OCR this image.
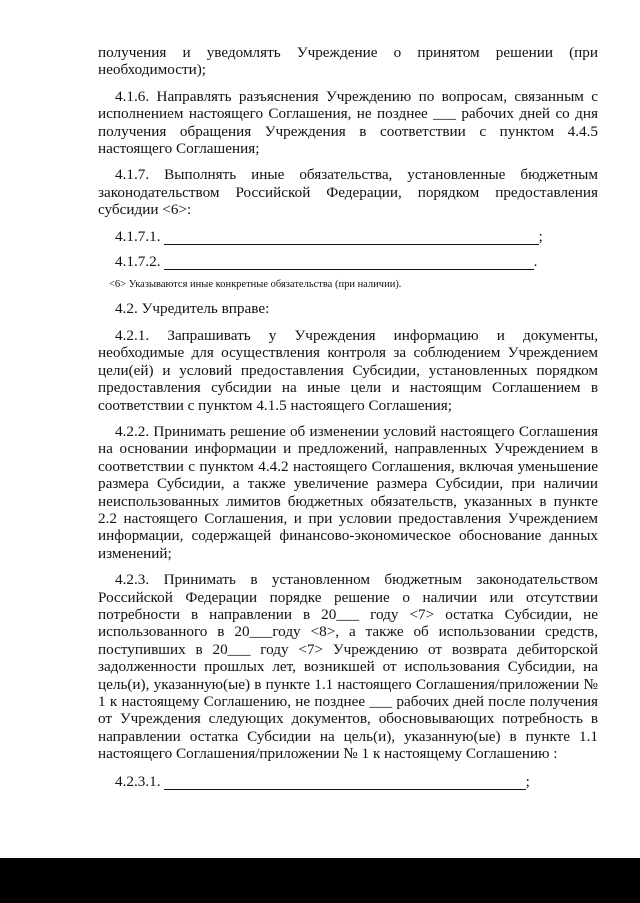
получения и уведомлять Учреждение о принятом решении (при необходимости);

4.1.6. Направлять разъяснения Учреждению по вопросам, связанным с исполнением настоящего Соглашения, не позднее ___ рабочих дней со дня получения обращения Учреждения в соответствии с пунктом 4.4.5 настоящего Соглашения;

4.1.7. Выполнять иные обязательства, установленные бюджетным законодательством Российской Федерации, порядком предоставления субсидии <6>:

4.1.7.1.	;
4.1.7.2.	.

<6> Указываются иные конкретные обязательства (при наличии).

4.2. Учредитель вправе:

4.2.1. Запрашивать у Учреждения информацию и документы, необходимые для осуществления контроля за соблюдением Учреждением цели(ей) и условий предоставления Субсидии, установленных порядком предоставления субсидии на иные цели и настоящим Соглашением в соответствии с пунктом 4.1.5 настоящего Соглашения;

4.2.2. Принимать решение об изменении условий настоящего Соглашения на основании информации и предложений, направленных Учреждением в соответствии с пунктом 4.4.2 настоящего Соглашения, включая уменьшение размера Субсидии, а также увеличение размера Субсидии, при наличии неиспользованных лимитов бюджетных обязательств, указанных в пункте 2.2 настоящего Соглашения, и при условии предоставления Учреждением информации, содержащей финансово-экономическое обоснование данных изменений;

4.2.3. Принимать в установленном бюджетным законодательством Российской Федерации порядке решение о наличии или отсутствии потребности в направлении в 20___ году <7> остатка Субсидии, не использованного в 20___году <8>, а также об использовании средств, поступивших в 20___ году <7> Учреждению от возврата дебиторской задолженности прошлых лет, возникшей от использования Субсидии, на цель(и), указанную(ые) в пункте 1.1 настоящего Соглашения/приложении № 1 к настоящему Соглашению, не позднее ___ рабочих дней после получения от Учреждения следующих документов, обосновывающих потребность в направлении остатка Субсидии на цель(и), указанную(ые) в пункте 1.1 настоящего Соглашения/приложении № 1 к настоящему Соглашению :

4.2.3.1.	;
